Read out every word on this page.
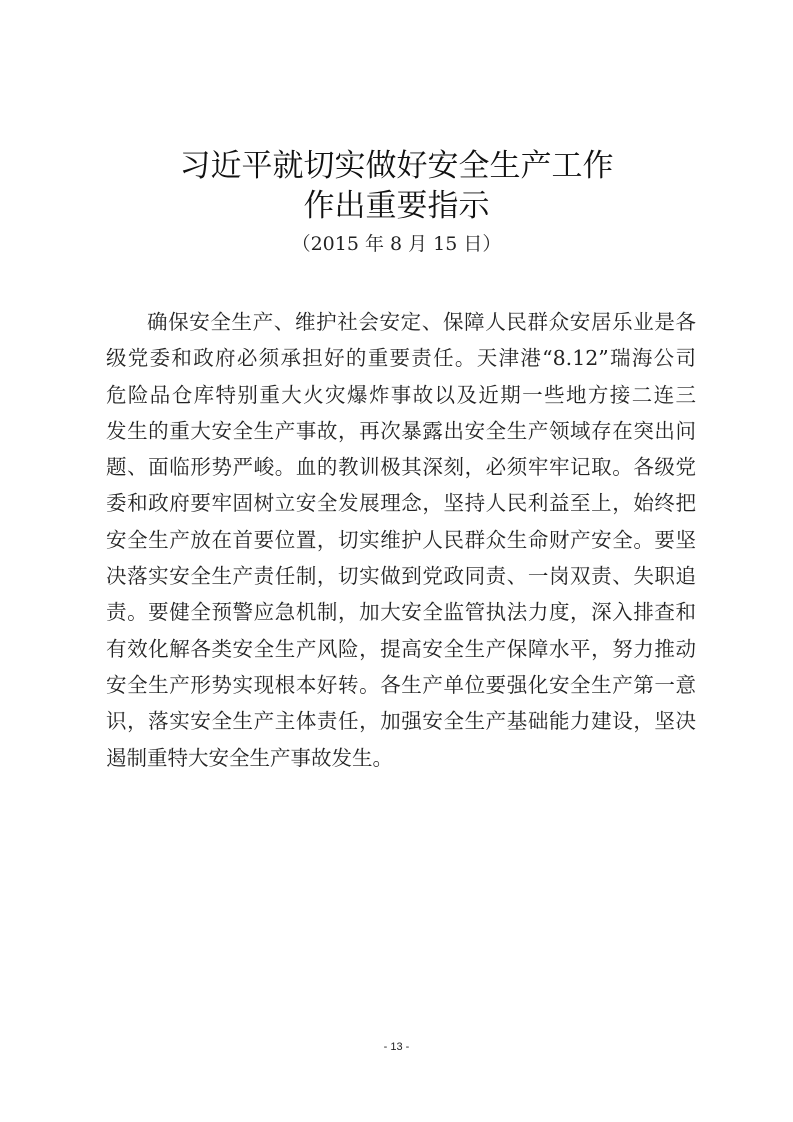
习近平就切实做好安全生产工作
作出重要指示
（2015 年 8 月 15 日）
确保安全生产、维护社会安定、保障人民群众安居乐业是各
级党委和政府必须承担好的重要责任。天津港“8.12”瑞海公司
危险品仓库特别重大火灾爆炸事故以及近期一些地方接二连三
发生的重大安全生产事故，再次暴露出安全生产领域存在突出问
题、面临形势严峻。血的教训极其深刻，必须牢牢记取。各级党
委和政府要牢固树立安全发展理念，坚持人民利益至上，始终把
安全生产放在首要位置，切实维护人民群众生命财产安全。要坚
决落实安全生产责任制，切实做到党政同责、一岗双责、失职追
责。要健全预警应急机制，加大安全监管执法力度，深入排查和
有效化解各类安全生产风险，提高安全生产保障水平，努力推动
安全生产形势实现根本好转。各生产单位要强化安全生产第一意
识，落实安全生产主体责任，加强安全生产基础能力建设，坚决
遏制重特大安全生产事故发生。
- 13 -
